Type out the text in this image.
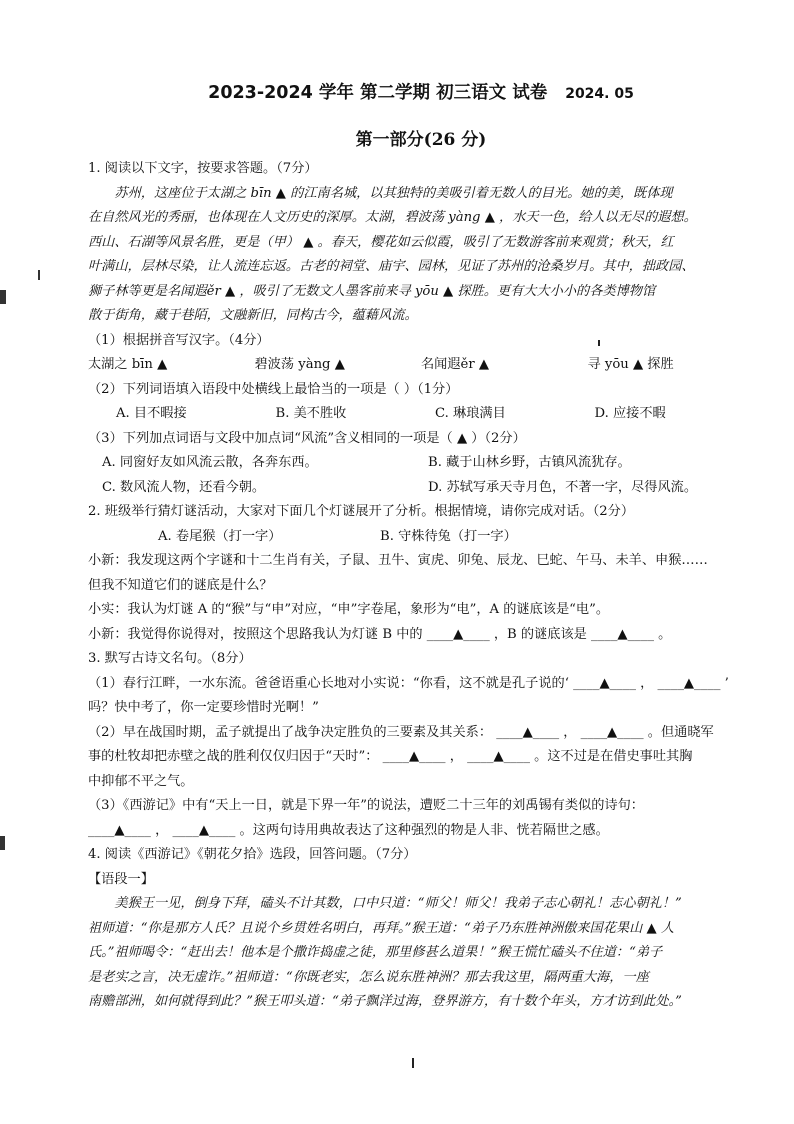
2023-2024 学年 第二学期 初三语文 试卷 2024. 05
第一部分(26 分)

1. 阅读以下文字，按要求答题。（7分）

苏州，这座位于太湖之 bīn ▲ 的江南名城，以其独特的美吸引着无数人的目光。她的美，既体现

在自然风光的秀丽，也体现在人文历史的深厚。太湖，碧波荡 yàng ▲ ，水天一色，给人以无尽的遐想。

西山、石湖等风景名胜，更是（甲） ▲ 。春天，樱花如云似霞，吸引了无数游客前来观赏；秋天，红

叶满山，层林尽染，让人流连忘返。古老的祠堂、庙宇、园林，见证了苏州的沧桑岁月。其中，拙政园、

狮子林等更是名闻遐ěr ▲ ，吸引了无数文人墨客前来寻 yōu ▲ 探胜。更有大大小小的各类博物馆

散于街角，藏于巷陌，文融新旧，同构古今，蕴藉风流。

（1）根据拼音写汉字。（4分）

太湖之 bīn ▲	碧波荡 yàng ▲	名闻遐ěr ▲	寻 yōu ▲ 探胜

（2）下列词语填入语段中处横线上最恰当的一项是（ ）（1分）

A. 目不暇接	B. 美不胜收	C. 琳琅满目	D. 应接不暇

（3）下列加点词语与文段中加点词“风流”含义相同的一项是（ ▲ ）（2分）

A. 同窗好友如风流云散，各奔东西。	B. 藏于山林乡野，古镇风流犹存。
C. 数风流人物，还看今朝。	D. 苏轼写承天寺月色，不著一字，尽得风流。

2. 班级举行猜灯谜活动，大家对下面几个灯谜展开了分析。根据情境，请你完成对话。（2分）

A. 卷尾猴（打一字）	B. 守株待兔（打一字）

小新：我发现这两个字谜和十二生肖有关，子鼠、丑牛、寅虎、卯兔、辰龙、巳蛇、午马、未羊、申猴……

但我不知道它们的谜底是什么？

小实：我认为灯谜 A 的“猴”与“申”对应，“申”字卷尾，象形为“电”，A 的谜底该是“电”。

小新：我觉得你说得对，按照这个思路我认为灯谜 B 中的 ____▲____ ，B 的谜底该是 ____▲____ 。

3. 默写古诗文名句。（8分）

（1）春行江畔，一水东流。爸爸语重心长地对小实说：“你看，这不就是孔子说的‘ ____▲____ ， ____▲____ ’

吗？快中考了，你一定要珍惜时光啊！”

（2）早在战国时期，孟子就提出了战争决定胜负的三要素及其关系： ____▲____ ， ____▲____ 。但通晓军

事的杜牧却把赤壁之战的胜利仅仅归因于“天时”： ____▲____ ， ____▲____ 。这不过是在借史事吐其胸

中抑郁不平之气。

（3）《西游记》中有“天上一日，就是下界一年”的说法，遭贬二十三年的刘禹锡有类似的诗句：

____▲____ ， ____▲____ 。这两句诗用典故表达了这种强烈的物是人非、恍若隔世之感。

4. 阅读《西游记》《朝花夕拾》选段，回答问题。（7分）

【语段一】

美猴王一见，倒身下拜，磕头不计其数，口中只道：“师父！师父！我弟子志心朝礼！志心朝礼！”

祖师道：“你是那方人氏？且说个乡贯姓名明白，再拜。”猴王道：“弟子乃东胜神洲傲来国花果山 ▲ 人

氏。”祖师喝令：“赶出去！他本是个撒诈捣虚之徒，那里修甚么道果！”猴王慌忙磕头不住道：“弟子

是老实之言，决无虚诈。”祖师道：“你既老实，怎么说东胜神洲？那去我这里，隔两重大海，一座

南赡部洲，如何就得到此？”猴王叩头道：“弟子飘洋过海，登界游方，有十数个年头，方才访到此处。”
